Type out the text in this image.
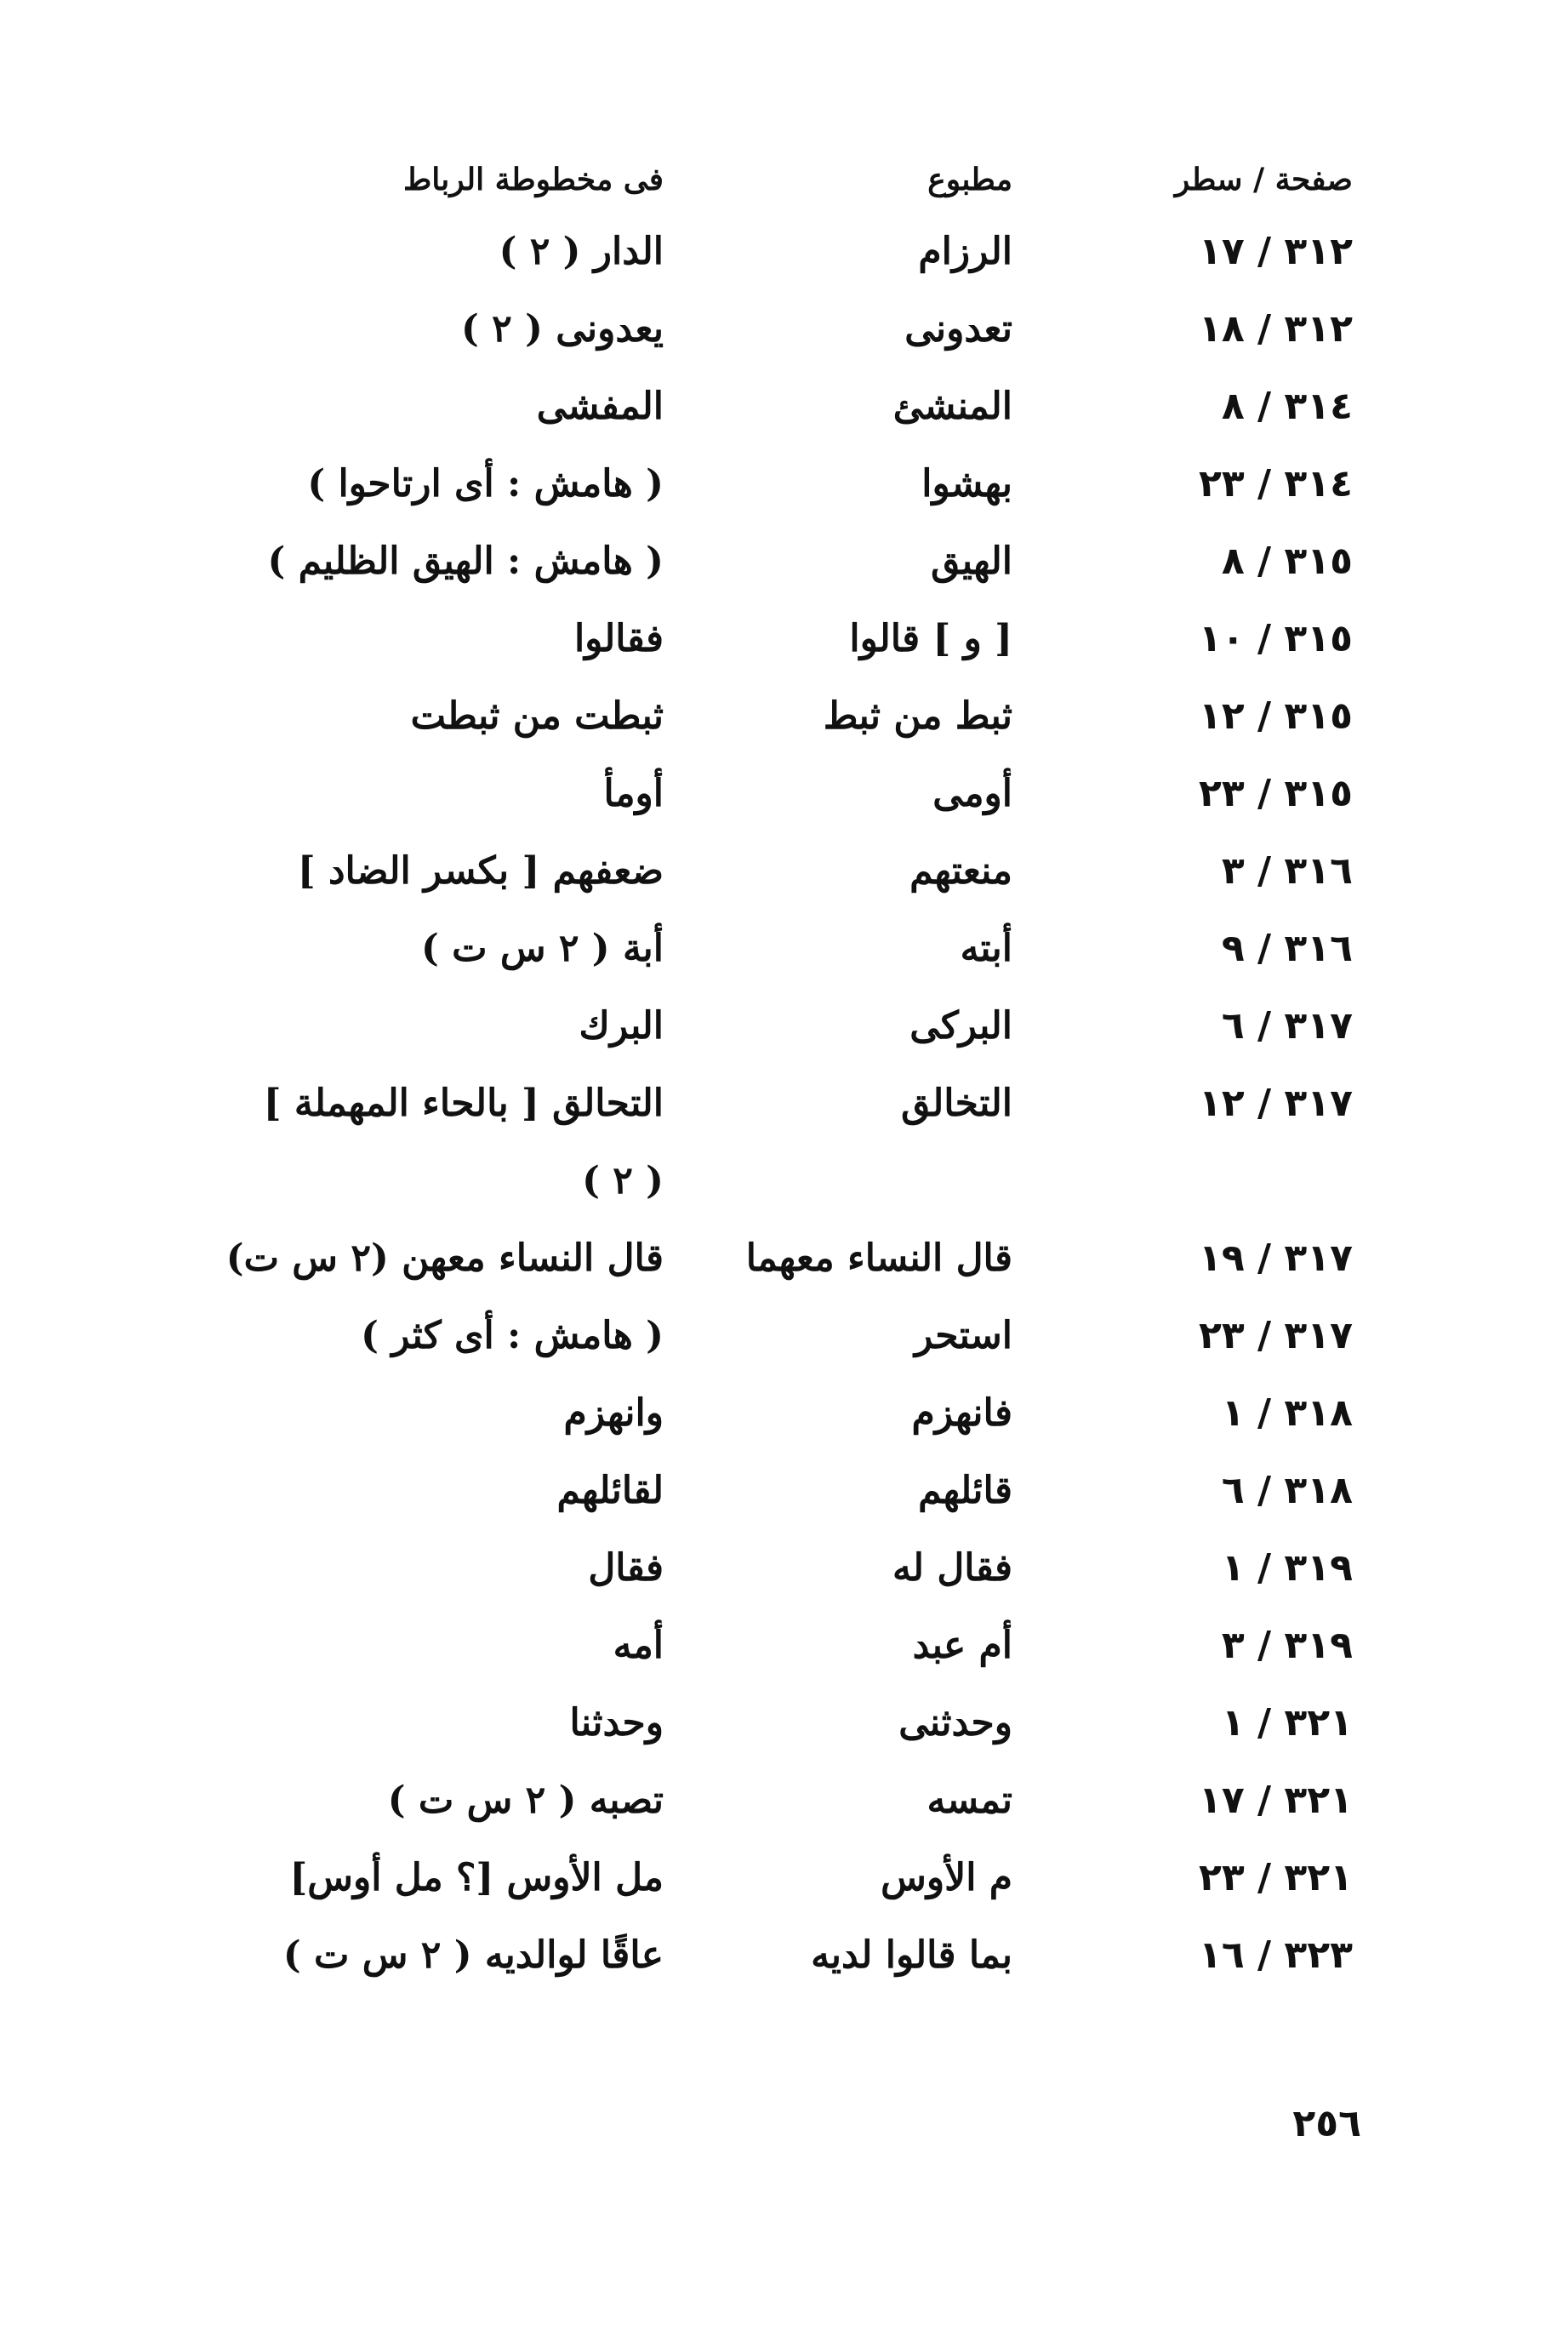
صفحة / سطر
مطبوع
فى مخطوطة الرباط
٣١٢ / ١٧
الرزام
الدار ( ٢ )
٣١٢ / ١٨
تعدونى
يعدونى ( ٢ )
٣١٤ / ٨
المنشئ
المفشى
٣١٤ / ٢٣
بهشوا
( هامش : أى ارتاحوا )
٣١٥ / ٨
الهيق
( هامش : الهيق الظليم )
٣١٥ / ١٠
[ و ] قالوا
فقالوا
٣١٥ / ١٢
ثبط من ثبط
ثبطت من ثبطت
٣١٥ / ٢٣
أومى
أومأ
٣١٦ / ٣
منعتهم
ضعفهم [ بكسر الضاد ]
٣١٦ / ٩
أبته
أبة ( ٢ س ت )
٣١٧ / ٦
البركى
البرك
٣١٧ / ١٢
التخالق
التحالق [ بالحاء المهملة ]
( ٢ )
٣١٧ / ١٩
قال النساء معهما
قال النساء معهن (٢ س ت)
٣١٧ / ٢٣
استحر
( هامش : أى كثر )
٣١٨ / ١
فانهزم
وانهزم
٣١٨ / ٦
قائلهم
لقائلهم
٣١٩ / ١
فقال له
فقال
٣١٩ / ٣
أم عبد
أمه
٣٢١ / ١
وحدثنى
وحدثنا
٣٢١ / ١٧
تمسه
تصبه ( ٢ س ت )
٣٢١ / ٢٣
م الأوس
مل الأوس [؟ مل أوس]
٣٢٣ / ١٦
بما قالوا لديه
عاقًا لوالديه ( ٢ س ت )
٢٥٦
